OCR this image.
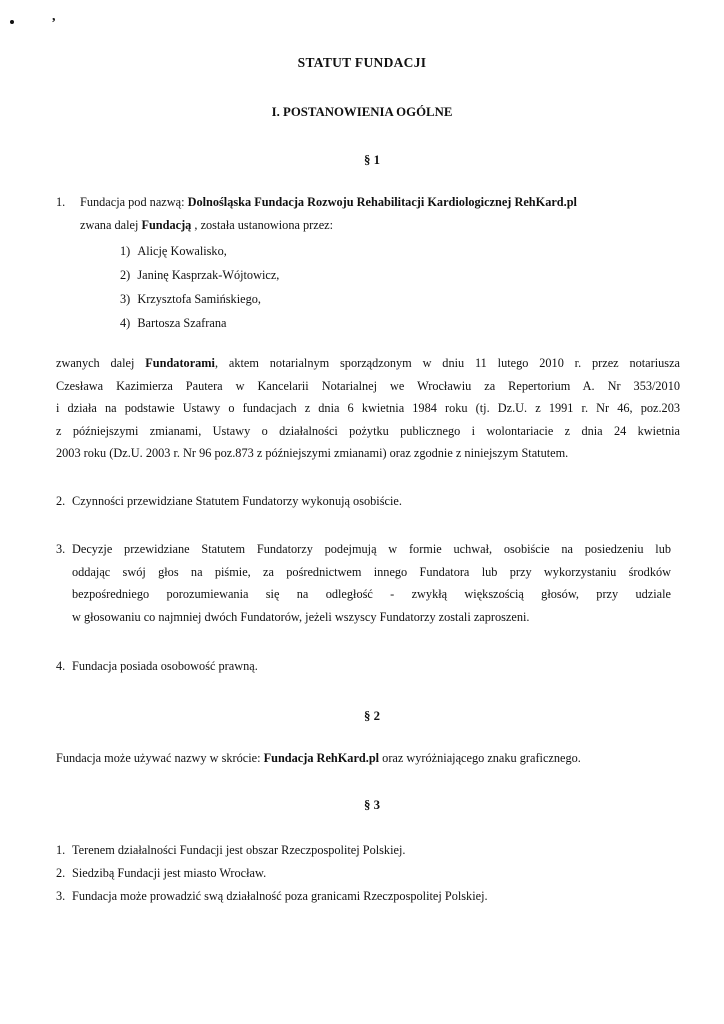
,
STATUT FUNDACJI
I. POSTANOWIENIA OGÓLNE
§ 1
1. Fundacja pod nazwą: Dolnośląska Fundacja Rozwoju Rehabilitacji Kardiologicznej RehKard.pl
zwana dalej Fundacją , została ustanowiona przez:
1) Alicję Kowalisko,
2) Janinę Kasprzak-Wójtowicz,
3) Krzysztofa Samińskiego,
4) Bartosza Szafrana
zwanych dalej Fundatorami, aktem notarialnym sporządzonym w dniu 11 lutego 2010 r. przez notariusza
Czesława Kazimierza Pautera w Kancelarii Notarialnej we Wrocławiu za Repertorium A. Nr 353/2010
i działa na podstawie Ustawy o fundacjach z dnia 6 kwietnia 1984 roku (tj. Dz.U. z 1991 r. Nr 46, poz.203
z późniejszymi zmianami, Ustawy o działalności pożytku publicznego i wolontariacie z dnia 24 kwietnia
2003 roku (Dz.U. 2003 r. Nr 96 poz.873 z późniejszymi zmianami) oraz zgodnie z niniejszym Statutem.
2. Czynności przewidziane Statutem Fundatorzy wykonują osobiście.
3. Decyzje przewidziane Statutem Fundatorzy podejmują w formie uchwał, osobiście na posiedzeniu lub
oddając swój głos na piśmie, za pośrednictwem innego Fundatora lub przy wykorzystaniu środków
bezpośredniego porozumiewania się na odległość - zwykłą większością głosów, przy udziale
w głosowaniu co najmniej dwóch Fundatorów, jeżeli wszyscy Fundatorzy zostali zaproszeni.
4. Fundacja posiada osobowość prawną.
§ 2
Fundacja może używać nazwy w skrócie: Fundacja RehKard.pl oraz wyróżniającego znaku graficznego.
§ 3
1. Terenem działalności Fundacji jest obszar Rzeczpospolitej Polskiej.
2. Siedzibą Fundacji jest miasto Wrocław.
3. Fundacja może prowadzić swą działalność poza granicami Rzeczpospolitej Polskiej.
